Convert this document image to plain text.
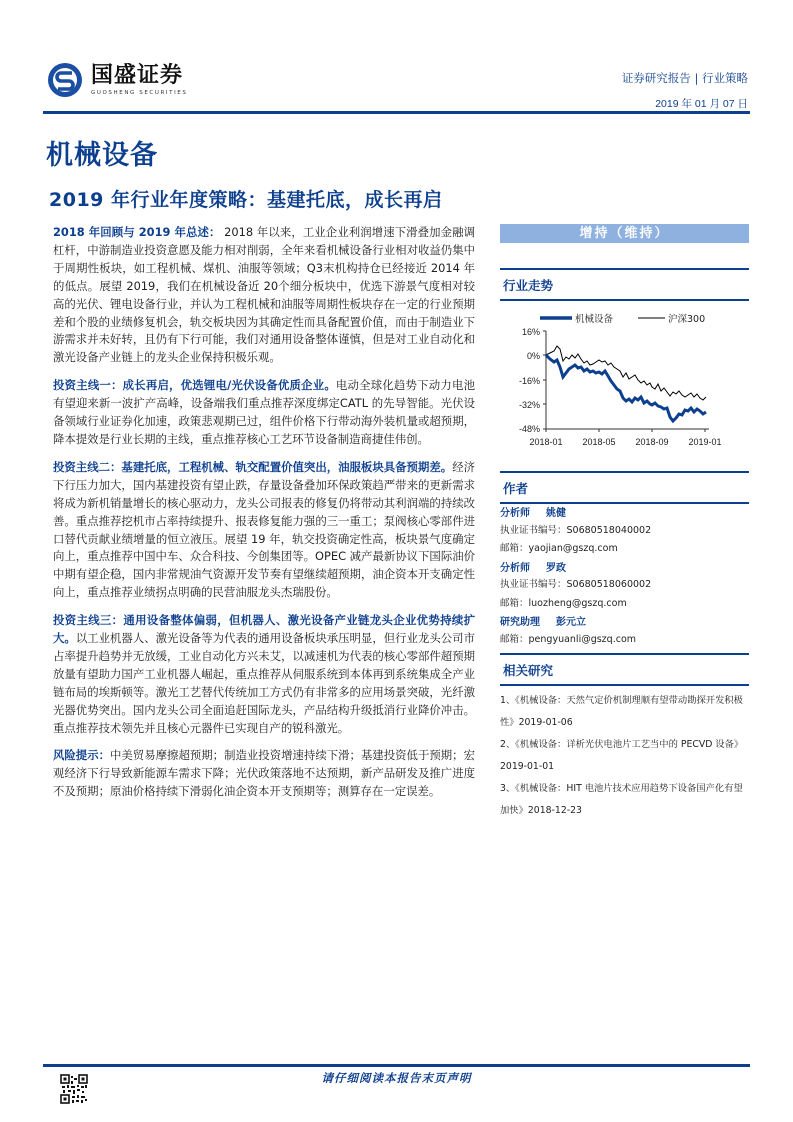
国盛证券
GUOSHENG SECURITIES
证券研究报告 | 行业策略
2019 年 01 月 07 日
机械设备
2019 年行业年度策略：基建托底，成长再启

2018 年回顾与 2019 年总述： 2018 年以来，工业企业利润增速下滑叠加金融调杠杆，中游制造业投资意愿及能力相对削弱，全年来看机械设备行业相对收益仍集中于周期性板块，如工程机械、煤机、油服等领域；Q3末机构持仓已经接近 2014 年的低点。展望 2019，我们在机械设备近 20个细分板块中，优选下游景气度相对较高的光伏、锂电设备行业，并认为工程机械和油服等周期性板块存在一定的行业预期差和个股的业绩修复机会，轨交板块因为其确定性而具备配置价值，而由于制造业下游需求并未好转，且仍有下行可能，我们对通用设备整体谨慎，但是对工业自动化和激光设备产业链上的龙头企业保持积极乐观。

投资主线一：成长再启，优选锂电/光伏设备优质企业。电动全球化趋势下动力电池有望迎来新一波扩产高峰，设备端我们重点推荐深度绑定CATL 的先导智能。光伏设备领域行业证券化加速，政策悲观期已过，组件价格下行带动海外装机量或超预期，降本提效是行业长期的主线，重点推荐核心工艺环节设备制造商捷佳伟创。

投资主线二：基建托底，工程机械、轨交配置价值突出，油服板块具备预期差。经济下行压力加大，国内基建投资有望止跌，存量设备叠加环保政策趋严带来的更新需求将成为新机销量增长的核心驱动力，龙头公司报表的修复仍将带动其利润端的持续改善。重点推荐挖机市占率持续提升、报表修复能力强的三一重工；泵阀核心零部件进口替代贡献业绩增量的恒立液压。展望 19 年，轨交投资确定性高，板块景气度确定向上，重点推荐中国中车、众合科技、今创集团等。OPEC 减产最新协议下国际油价中期有望企稳，国内非常规油气资源开发节奏有望继续超预期，油企资本开支确定性向上，重点推荐业绩拐点明确的民营油服龙头杰瑞股份。

投资主线三：通用设备整体偏弱，但机器人、激光设备产业链龙头企业优势持续扩大。以工业机器人、激光设备等为代表的通用设备板块承压明显，但行业龙头公司市占率提升趋势并无放缓，工业自动化方兴未艾，以减速机为代表的核心零部件超预期放量有望助力国产工业机器人崛起，重点推荐从伺服系统到本体再到系统集成全产业链布局的埃斯顿等。激光工艺替代传统加工方式仍有非常多的应用场景突破，光纤激光器优势突出。国内龙头公司全面追赶国际龙头，产品结构升级抵消行业降价冲击。重点推荐技术领先并且核心元器件已实现自产的锐科激光。

风险提示：中美贸易摩擦超预期；制造业投资增速持续下滑；基建投资低于预期；宏观经济下行导致新能源车需求下降；光伏政策落地不达预期，新产品研发及推广进度不及预期；原油价格持续下滑弱化油企资本开支预期等；测算存在一定误差。

增持（维持）
行业走势
机械设备	沪深300
16%
0%
-16%
-32%
-48%
2018-01 2018-05 2018-09 2019-01
作者
分析师 姚健
执业证书编号：S0680518040002
邮箱：yaojian@gszq.com
分析师 罗政
执业证书编号：S0680518060002
邮箱：luozheng@gszq.com
研究助理 彭元立
邮箱：pengyuanli@gszq.com
相关研究
1、《机械设备：天然气定价机制理顺有望带动勘探开发积极性》2019-01-06
2、《机械设备：详析光伏电池片工艺当中的 PECVD 设备》2019-01-01
3、《机械设备：HIT 电池片技术应用趋势下设备国产化有望加快》2018-12-23
请仔细阅读本报告末页声明
